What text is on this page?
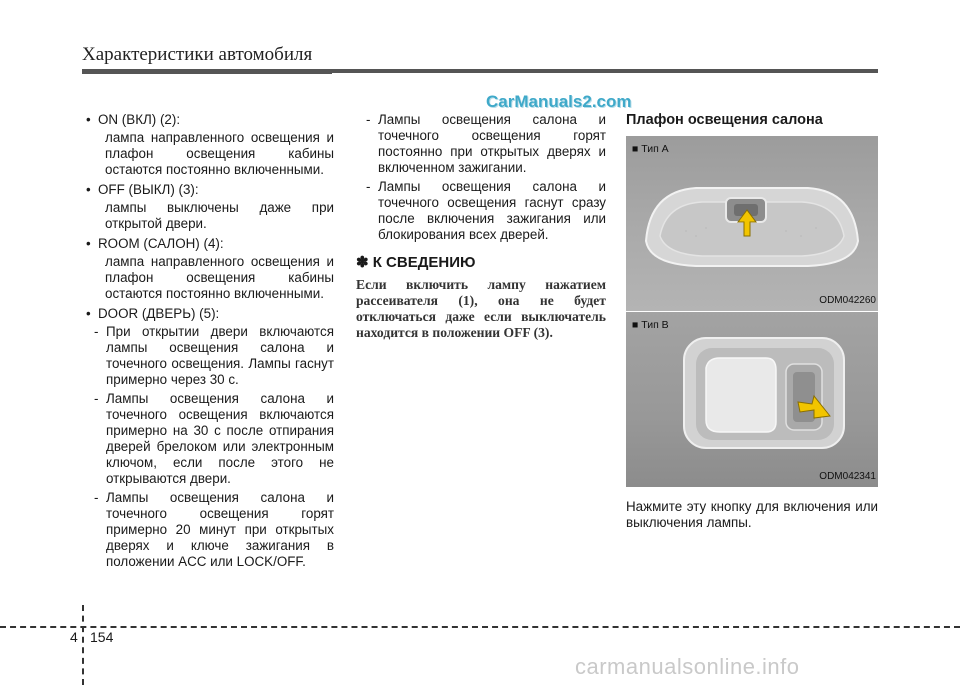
Характеристики автомобиля
CarManuals2.com
• ON (ВКЛ) (2):
лампа направленного освещения и плафон освещения кабины остаются постоянно включенными.
• OFF (ВЫКЛ) (3):
лампы выключены даже при открытой двери.
• ROOM (САЛОН) (4):
лампа направленного освещения и плафон освещения кабины остаются постоянно включенными.
• DOOR (ДВЕРЬ) (5):
- При открытии двери включаются лампы освещения салона и точечного освещения. Лампы гаснут примерно через 30 с.
- Лампы освещения салона и точечного освещения включаются примерно на 30 с после отпирания дверей брелоком или электронным ключом, если после этого не открываются двери.
- Лампы освещения салона и точечного освещения горят примерно 20 минут при открытых дверях и ключе зажигания в положении ACC или LOCK/OFF.
- Лампы освещения салона и точечного освещения горят постоянно при открытых дверях и включенном зажигании.
- Лампы освещения салона и точечного освещения гаснут сразу после включения зажигания или блокирования всех дверей.
✽ К СВЕДЕНИЮ
Если включить лампу нажатием рассеивателя (1), она не будет отключаться даже если выключатель находится в положении OFF (3).
Плафон освещения салона
■ Тип А
ODM042260
■ Тип В
ODM042341
Нажмите эту кнопку для включения или выключения лампы.
4 154
carmanualsonline.info
